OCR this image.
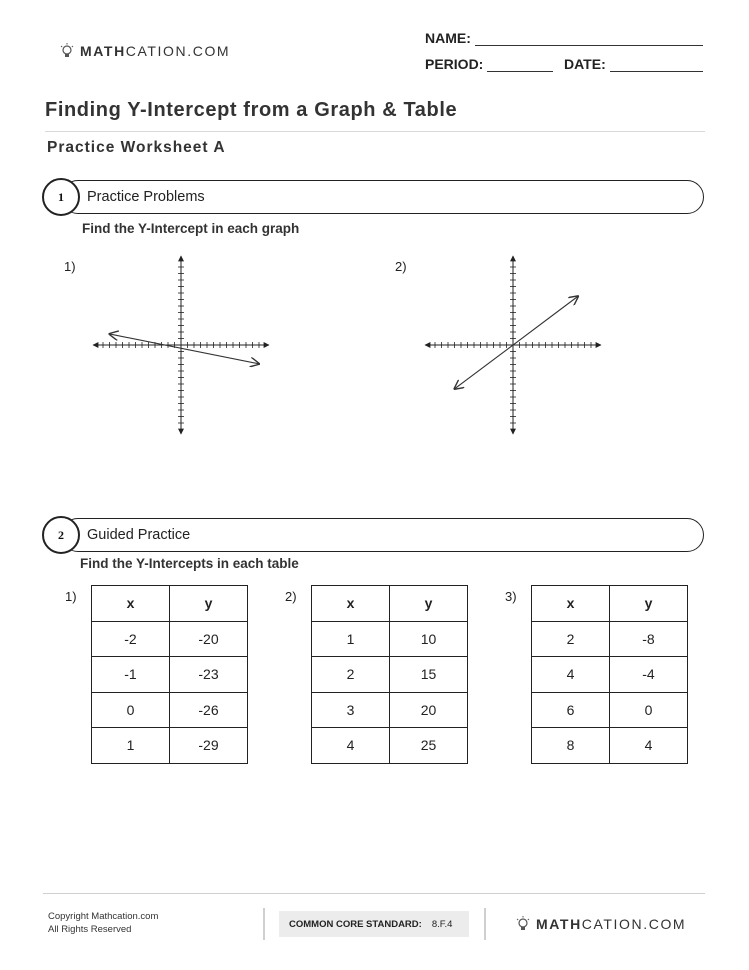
MATH CATION.COM
NAME:
PERIOD:	DATE:
Finding Y-Intercept from a Graph & Table
Practice Worksheet A
Practice Problems
1
Find the Y-Intercept in each graph
1)	2)
Guided Practice
2
Find the Y-Intercepts in each table
1)	x	y
-2	-20
-1	-23
0	-26
1	-29
2)	x	y
1	10
2	15
3	20
4	25
3)	x	y
2	-8
4	-4
6	0
8	4
Copyright Mathcation.com
All Rights Reserved	COMMON CORE STANDARD: 8.F.4	MATH CATION.COM
